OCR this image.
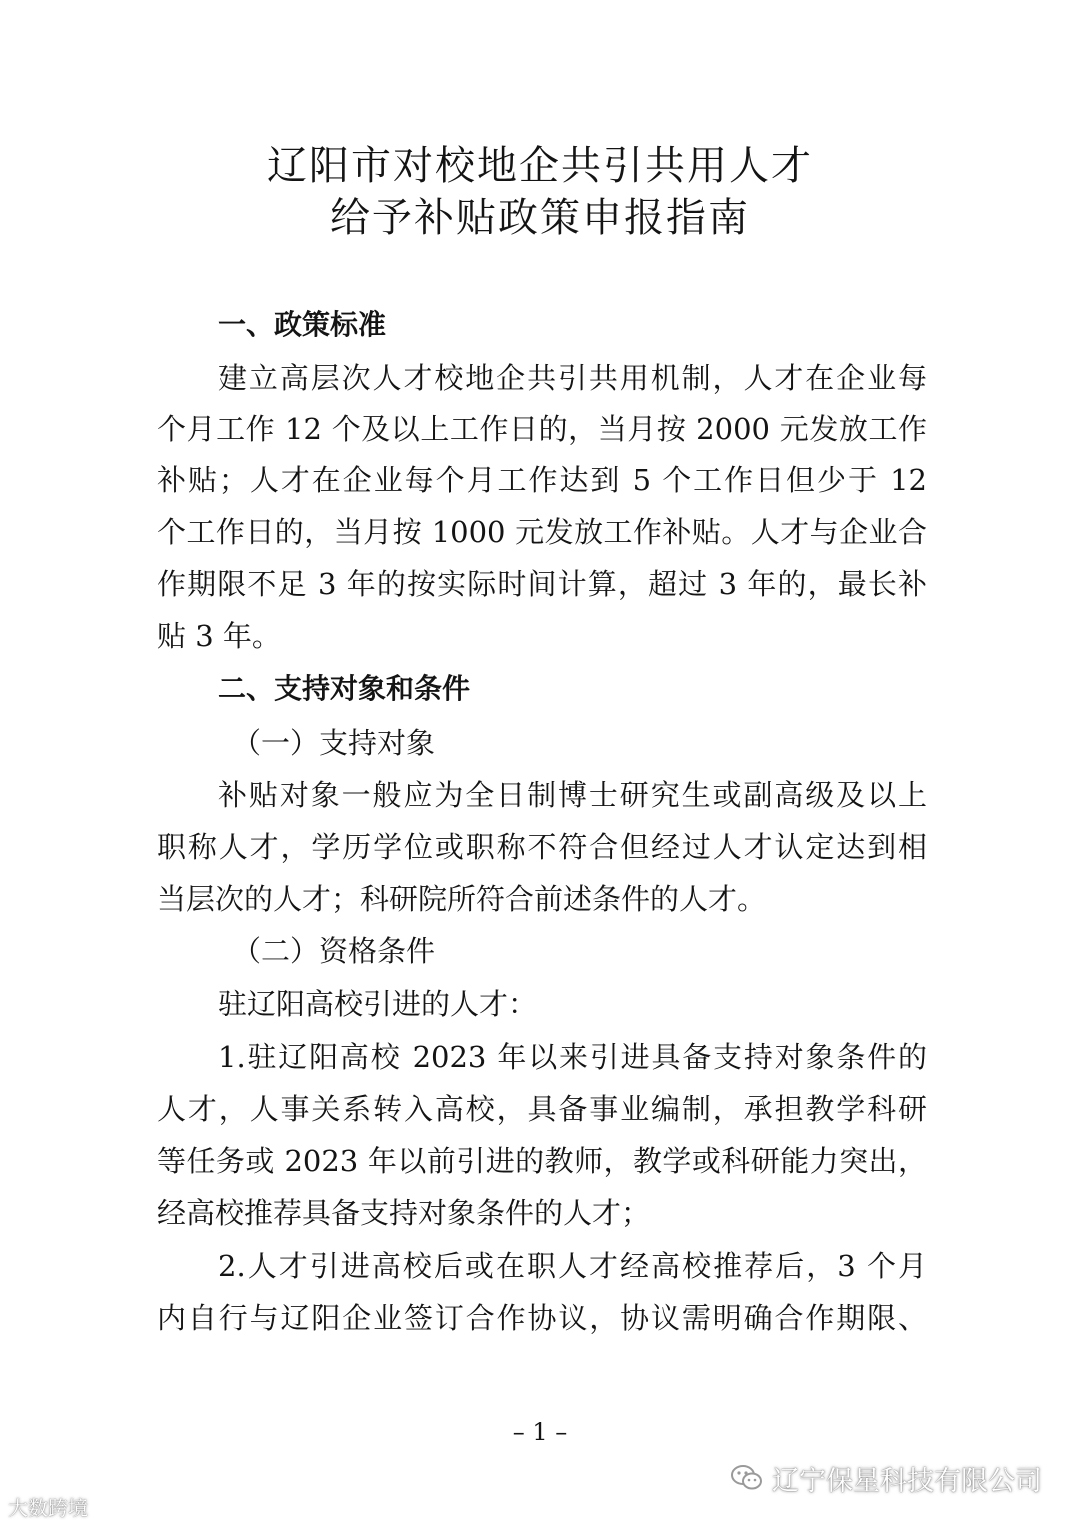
辽阳市对校地企共引共用人才
给予补贴政策申报指南
一、政策标准
建立高层次人才校地企共引共用机制，人才在企业每
个月工作 12 个及以上工作日的，当月按 2000 元发放工作
补贴；人才在企业每个月工作达到 5 个工作日但少于 12
个工作日的，当月按 1000 元发放工作补贴。人才与企业合
作期限不足 3 年的按实际时间计算，超过 3 年的，最长补
贴 3 年。
二、支持对象和条件
（一）支持对象
补贴对象一般应为全日制博士研究生或副高级及以上
职称人才，学历学位或职称不符合但经过人才认定达到相
当层次的人才；科研院所符合前述条件的人才。
（二）资格条件
驻辽阳高校引进的人才：
1.驻辽阳高校 2023 年以来引进具备支持对象条件的
人才，人事关系转入高校，具备事业编制，承担教学科研
等任务或 2023 年以前引进的教师，教学或科研能力突出，
经高校推荐具备支持对象条件的人才；
2.人才引进高校后或在职人才经高校推荐后，3 个月
内自行与辽阳企业签订合作协议，协议需明确合作期限、
– 1 –
大数跨境
辽宁保星科技有限公司
